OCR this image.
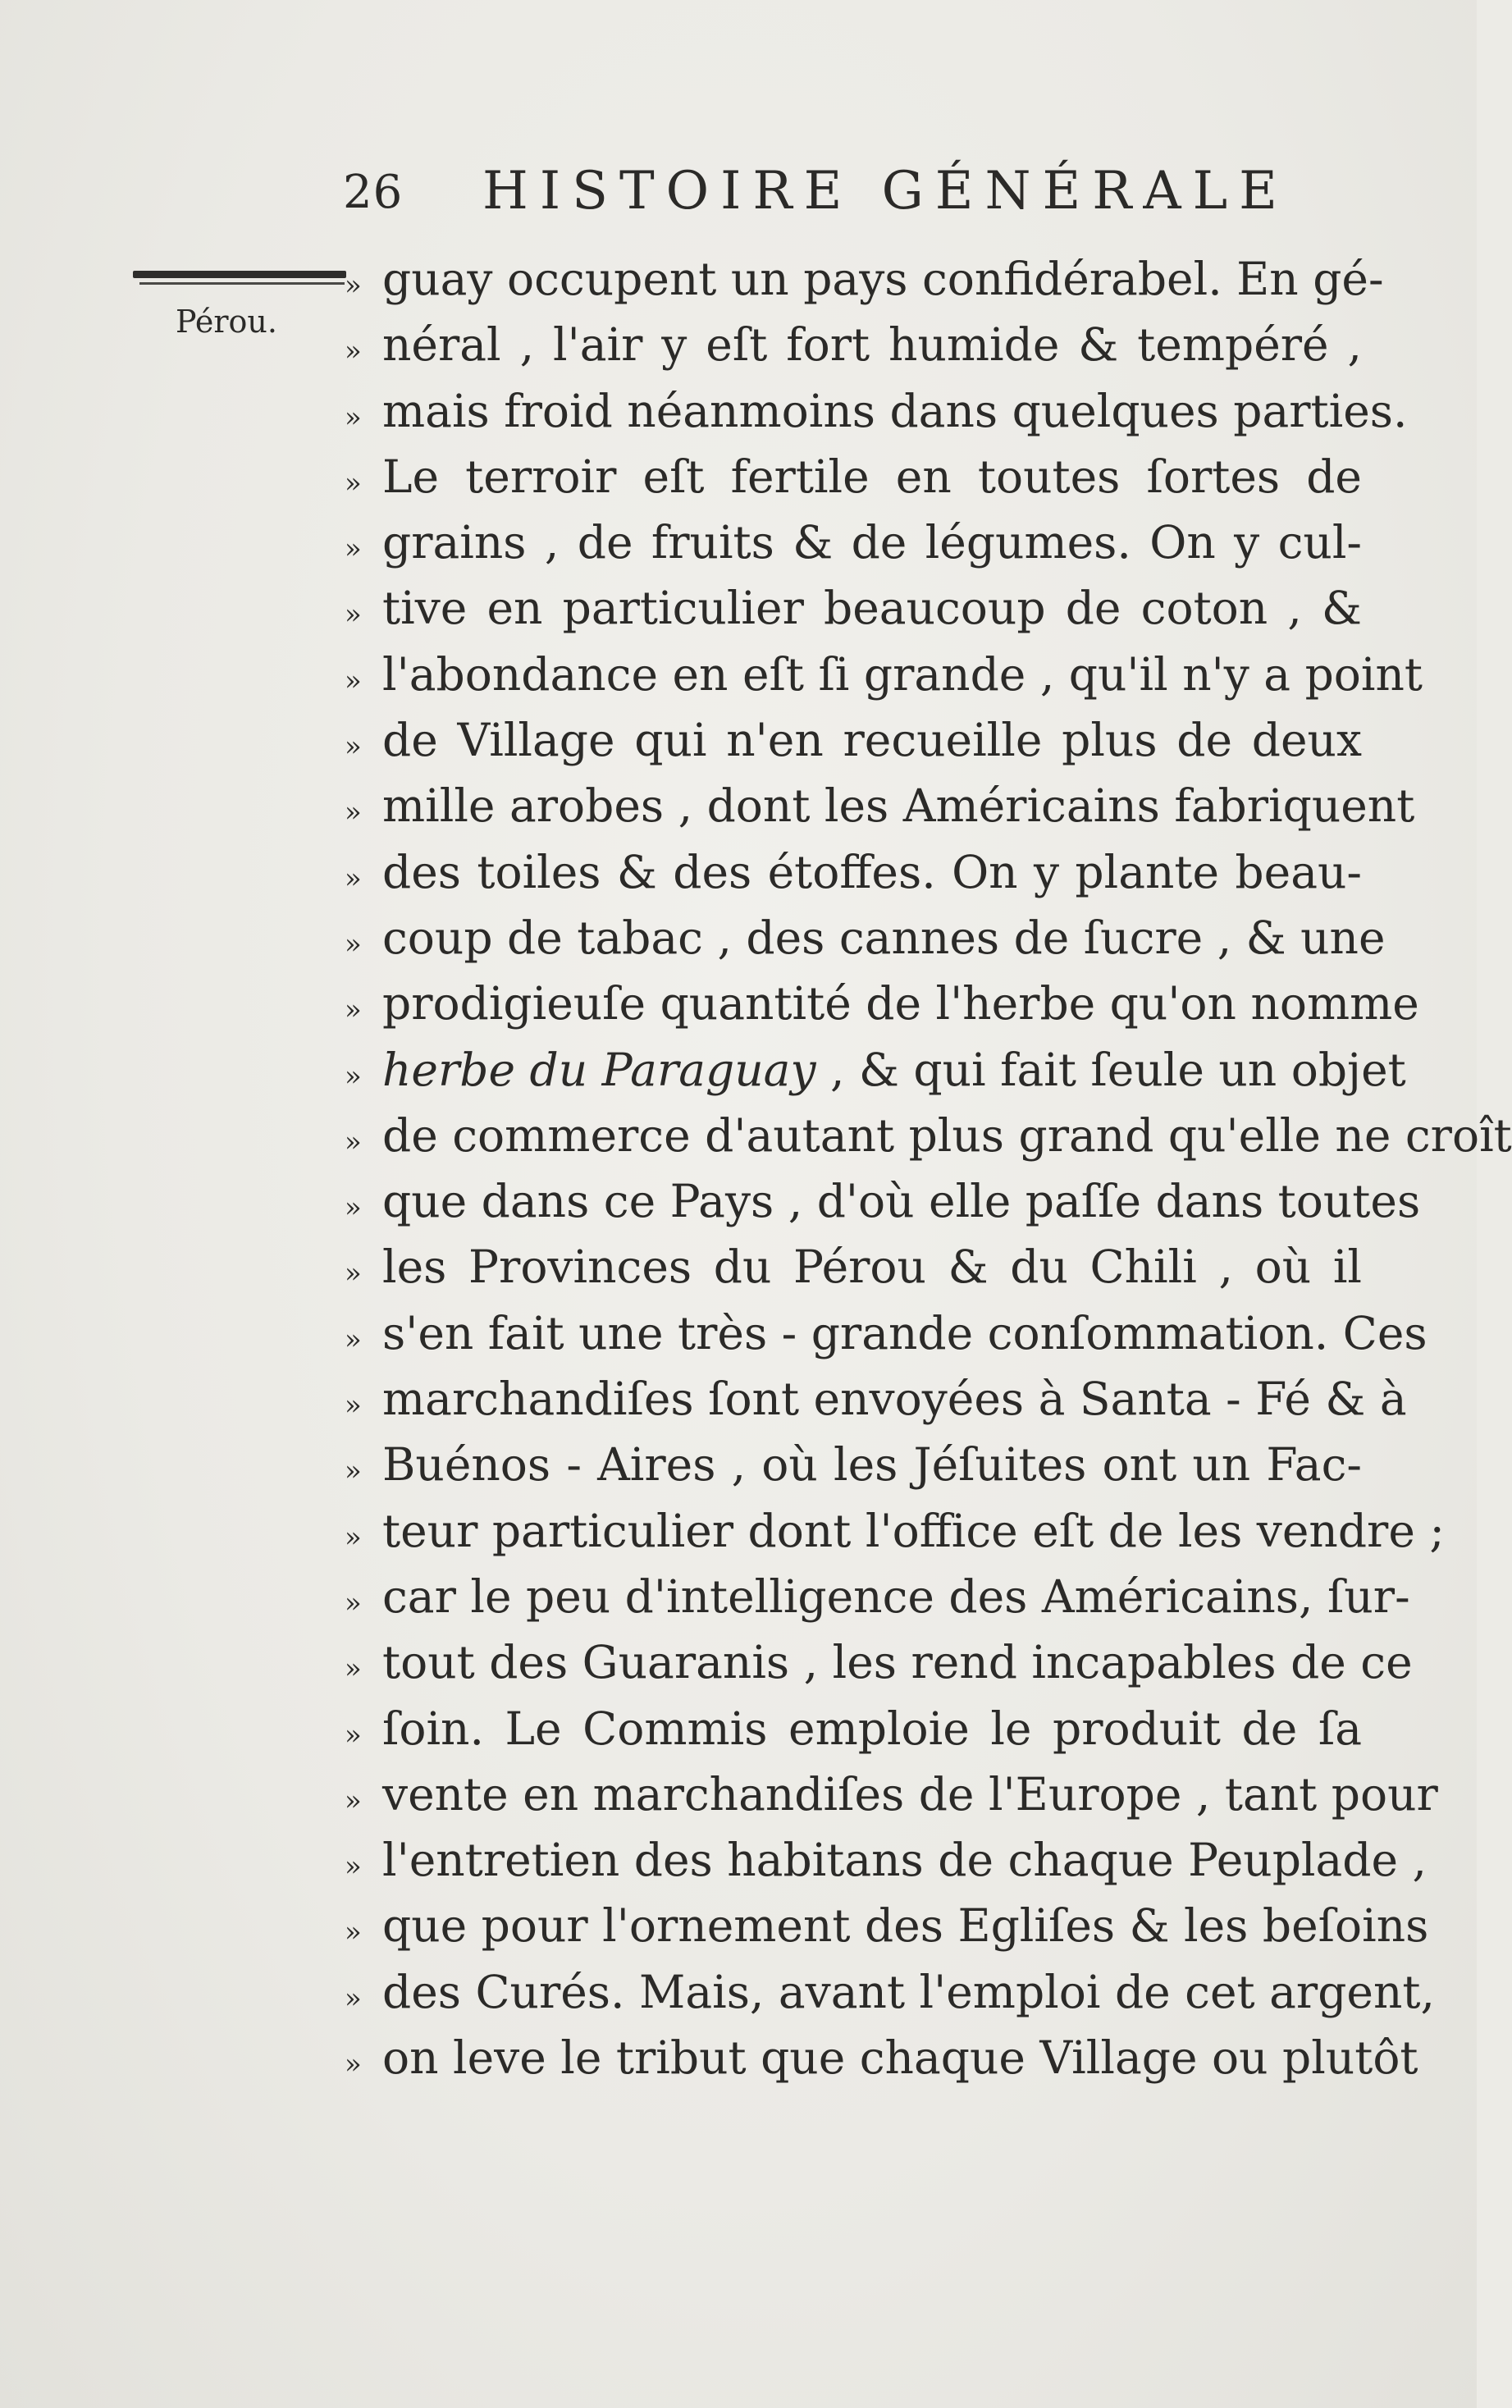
26 HISTOIRE GÉNÉRALE
Pérou.
» guay occupent un pays confidérabel. En gé-
» néral , l'air y eſt fort humide & tempéré ,
» mais froid néanmoins dans quelques parties.
» Le terroir eſt fertile en toutes ſortes de
» grains , de fruits & de légumes. On y cul-
» tive en particulier beaucoup de coton , &
» l'abondance en eſt ſi grande , qu'il n'y a point
» de Village qui n'en recueille plus de deux
» mille arobes , dont les Américains fabriquent
» des toiles & des étoffes. On y plante beau-
» coup de tabac , des cannes de ſucre , & une
» prodigieuſe quantité de l'herbe qu'on nomme
» herbe du Paraguay , & qui fait ſeule un objet
» de commerce d'autant plus grand qu'elle ne croît
» que dans ce Pays , d'où elle paſſe dans toutes
» les Provinces du Pérou & du Chili , où il
» s'en fait une très - grande conſommation. Ces
» marchandiſes ſont envoyées à Santa - Fé & à
» Buénos - Aires , où les Jéſuites ont un Fac-
» teur particulier dont l'office eſt de les vendre ;
» car le peu d'intelligence des Américains, ſur-
» tout des Guaranis , les rend incapables de ce
» ſoin. Le Commis emploie le produit de ſa
» vente en marchandiſes de l'Europe , tant pour
» l'entretien des habitans de chaque Peuplade ,
» que pour l'ornement des Egliſes & les beſoins
» des Curés. Mais, avant l'emploi de cet argent,
» on leve le tribut que chaque Village ou plutôt
